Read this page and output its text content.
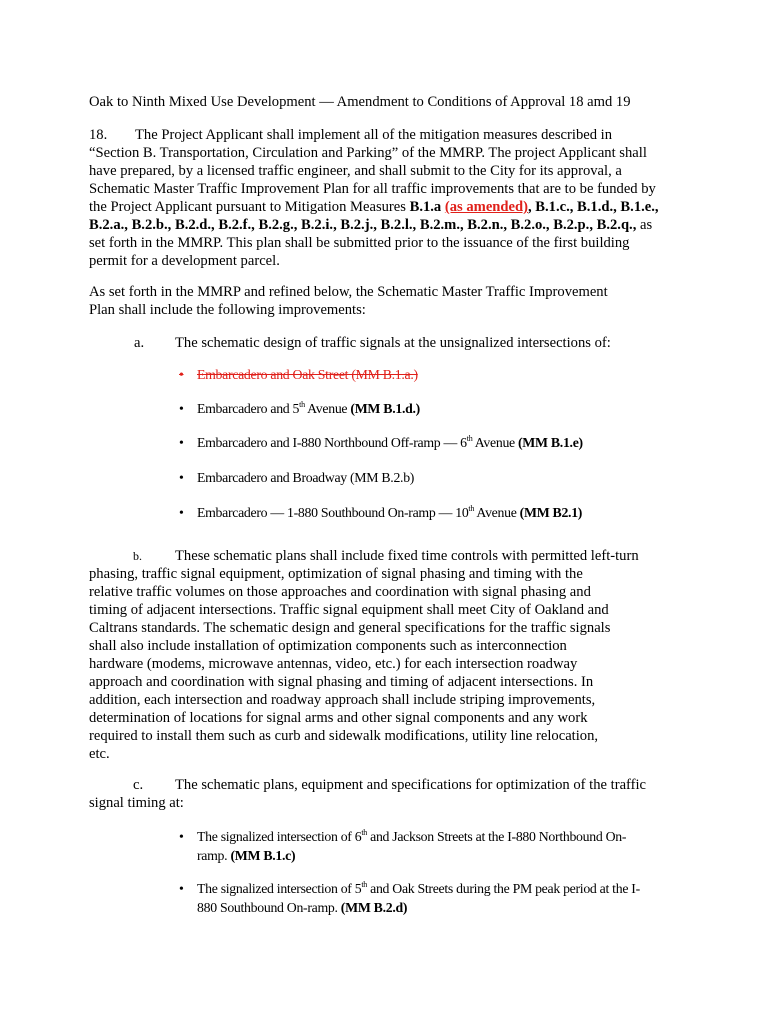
Oak to Ninth Mixed Use Development — Amendment to Conditions of Approval 18 amd 19

18. The Project Applicant shall implement all of the mitigation measures described in
“Section B. Transportation, Circulation and Parking” of the MMRP. The project Applicant shall
have prepared, by a licensed traffic engineer, and shall submit to the City for its approval, a
Schematic Master Traffic Improvement Plan for all traffic improvements that are to be funded by
the Project Applicant pursuant to Mitigation Measures B.1.a (as amended), B.1.c., B.1.d., B.1.e.,
B.2.a., B.2.b., B.2.d., B.2.f., B.2.g., B.2.i., B.2.j., B.2.l., B.2.m., B.2.n., B.2.o., B.2.p., B.2.q., as
set forth in the MMRP. This plan shall be submitted prior to the issuance of the first building
permit for a development parcel.
As set forth in the MMRP and refined below, the Schematic Master Traffic Improvement
Plan shall include the following improvements:
a. The schematic design of traffic signals at the unsignalized intersections of:
• Embarcadero and Oak Street (MM B.1.a.)
• Embarcadero and 5th Avenue (MM B.1.d.)
• Embarcadero and I-880 Northbound Off-ramp — 6th Avenue (MM B.1.e)
• Embarcadero and Broadway (MM B.2.b)
• Embarcadero — 1-880 Southbound On-ramp — 10th Avenue (MM B2.1)
b. These schematic plans shall include fixed time controls with permitted left-turn
phasing, traffic signal equipment, optimization of signal phasing and timing with the
relative traffic volumes on those approaches and coordination with signal phasing and
timing of adjacent intersections. Traffic signal equipment shall meet City of Oakland and
Caltrans standards. The schematic design and general specifications for the traffic signals
shall also include installation of optimization components such as interconnection
hardware (modems, microwave antennas, video, etc.) for each intersection roadway
approach and coordination with signal phasing and timing of adjacent intersections. In
addition, each intersection and roadway approach shall include striping improvements,
determination of locations for signal arms and other signal components and any work
required to install them such as curb and sidewalk modifications, utility line relocation,
etc.
c. The schematic plans, equipment and specifications for optimization of the traffic
signal timing at:
• The signalized intersection of 6th and Jackson Streets at the I-880 Northbound On-
ramp. (MM B.1.c)
• The signalized intersection of 5th and Oak Streets during the PM peak period at the I-
880 Southbound On-ramp. (MM B.2.d)
